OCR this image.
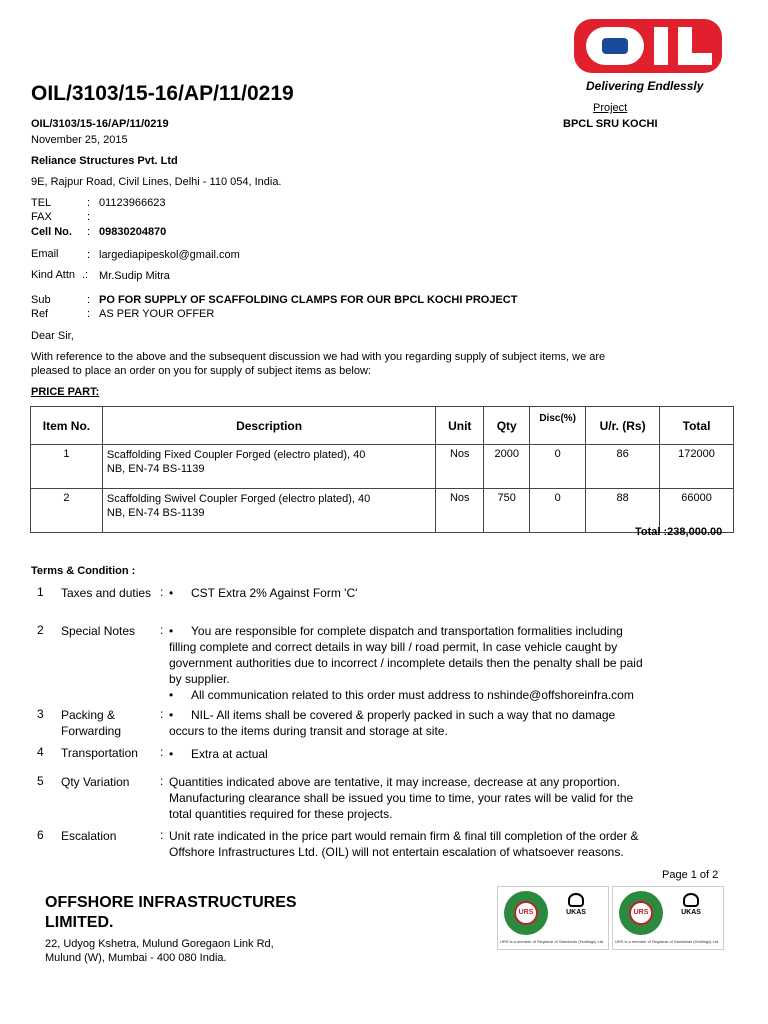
Delivering Endlessly
OIL/3103/15-16/AP/11/0219
Project
BPCL SRU KOCHI
OIL/3103/15-16/AP/11/0219
November 25, 2015
Reliance Structures Pvt. Ltd
9E, Rajpur Road, Civil Lines, Delhi - 110 054, India.
TEL	: 01123966623
FAX	:
Cell No. : 09830204870
Email	: largediapipeskol@gmail.com
Kind Attn .: Mr.Sudip Mitra
Sub	: PO FOR SUPPLY OF SCAFFOLDING CLAMPS FOR OUR BPCL KOCHI PROJECT
Ref	: AS PER YOUR OFFER
Dear Sir,
With reference to the above and the subsequent discussion we had with you regarding supply of subject items, we are
pleased to place an order on you for supply of subject items as below:
PRICE PART:
Item No.	Description	Unit	Qty	Disc(%)	U/r. (Rs)	Total
1	Scaffolding Fixed Coupler Forged (electro plated), 40
NB, EN-74 BS-1139	Nos	2000	0	86	172000
2	Scaffolding Swivel Coupler Forged (electro plated), 40
NB, EN-74 BS-1139	Nos	750	0	88	66000
Total :238,000.00
Terms & Condition :
1 Taxes and duties : • CST Extra 2% Against Form 'C'
2 Special Notes	: • You are responsible for complete dispatch and transportation formalities including
filling complete and correct details in way bill / road permit, In case vehicle caught by
government authorities due to incorrect / incomplete details then the penalty shall be paid
by supplier.
• All communication related to this order must address to nshinde@offshoreinfra.com
3 Packing & Forwarding
: • NIL- All items shall be covered & properly packed in such a way that no damage
occurs to the items during transit and storage at site.
4 Transportation	: • Extra at actual
5 Qty Variation	: Quantities indicated above are tentative, it may increase, decrease at any proportion.
Manufacturing clearance shall be issued you time to time, your rates will be valid for the
total quantities required for these projects.
6 Escalation	: Unit rate indicated in the price part would remain firm & final till completion of the order &
Offshore Infrastructures Ltd. (OIL) will not entertain escalation of whatsoever reasons.
Page 1 of 2
OFFSHORE INFRASTRUCTURES
LIMITED.
22, Udyog Kshetra, Mulund Goregaon Link Rd,
Mulund (W), Mumbai - 400 080 India.
URS	UKAS
URS is a member of Registrar of Standards (Holdings) Ltd.
URS	UKAS
URS is a member of Registrar of Standards (Holdings) Ltd.
